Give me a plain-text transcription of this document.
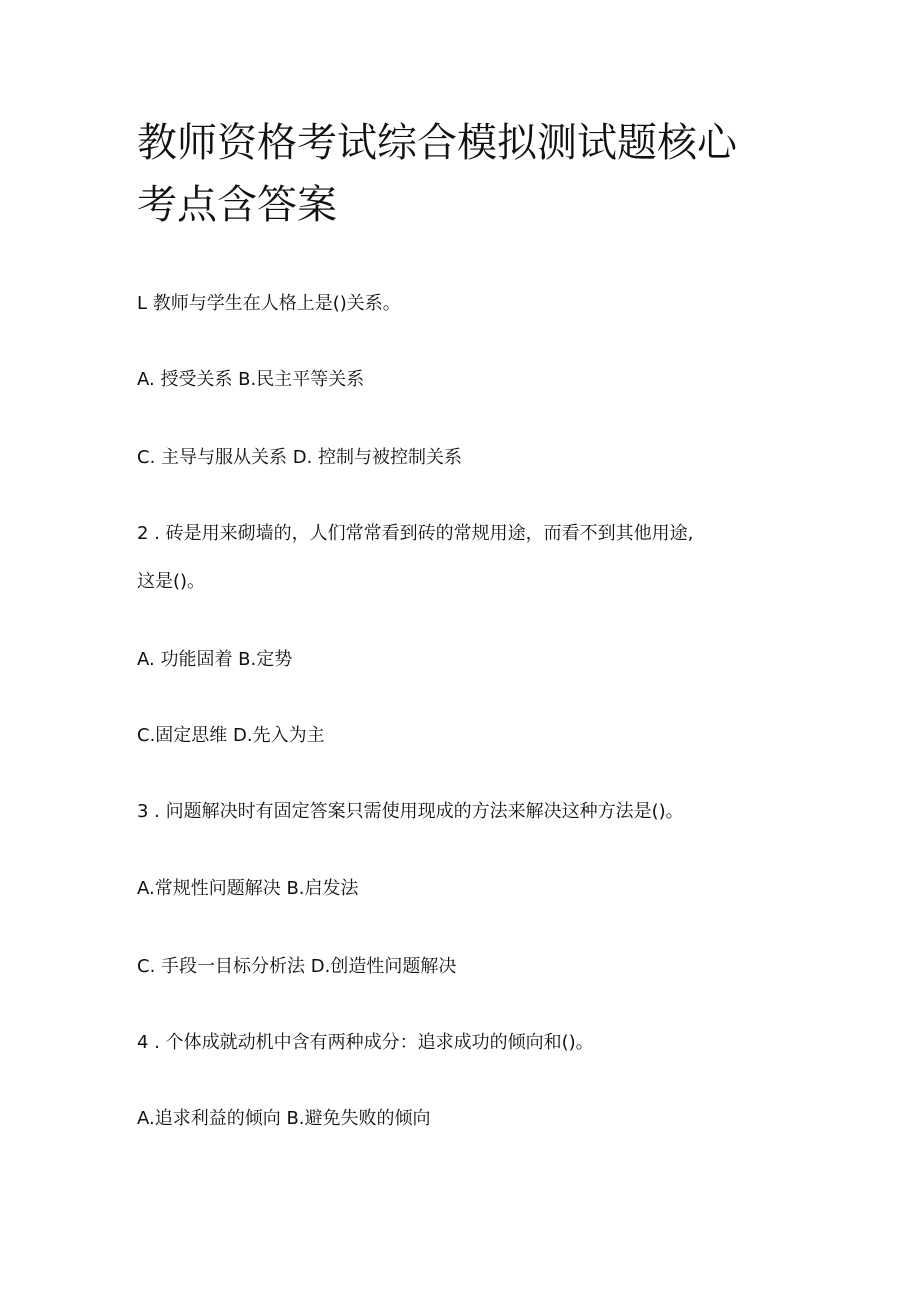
教师资格考试综合模拟测试题核心
考点含答案
L 教师与学生在人格上是()关系。
A. 授受关系 B.民主平等关系
C. 主导与服从关系 D. 控制与被控制关系
2 . 砖是用来砌墙的，人们常常看到砖的常规用途，而看不到其他用途,
这是()。
A. 功能固着 B.定势
C.固定思维 D.先入为主
3 . 问题解决时有固定答案只需使用现成的方法来解决这种方法是()。
A.常规性问题解决 B.启发法
C. 手段一目标分析法 D.创造性问题解决
4 . 个体成就动机中含有两种成分：追求成功的倾向和()。
A.追求利益的倾向 B.避免失败的倾向
